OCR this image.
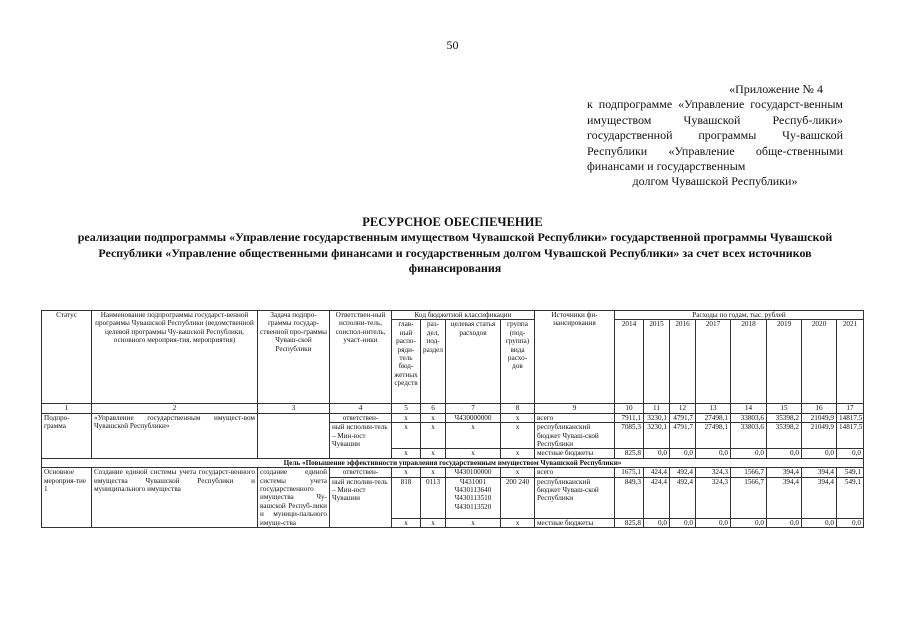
50
«Приложение № 4
к подпрограмме «Управление государст-венным имуществом Чувашской Респуб-лики» государственной программы Чу-вашской Республики «Управление обще-ственными финансами и государственным
долгом Чувашской Республики»
РЕСУРСНОЕ ОБЕСПЕЧЕНИЕ
реализации подпрограммы «Управление государственным имуществом Чувашской Республики» государственной программы Чувашской Республики «Управление общественными финансами и государственным долгом Чувашской Республики» за счет всех источников финансирования
Статус	Наименование подпрограммы государст-венной программы Чувашской Республики (ведомственной целевой программы Чу-вашской Республики, основного мероприя-тия, мероприятия)	Задача подпро-граммы государ-ственной про-граммы Чуваш-ской Республики	Ответствен-ный исполни-тель, соиспол-нитель, участ-ники	Код бюджетной классификации				Источники фи-нансирования	Расходы по годам, тыс. рублей							
				глав-ный распо-ряди-тель бюд-жетных средств	раз-дел, под-раздел	целевая статья расходов	группа (под-группа) вида расхо-дов		2014	2015	2016	2017	2018	2019	2020	2021
1	2	3	4	5	6	7	8	9	10	11	12	13	14	15	16	17
Подпро-грамма	«Управление государственным имущест-вом Чувашской Республики»		ответствен-	x	x	Ч430000000	x	всего	7911,1	3230,1	4791,7	27498,1	33803,6	35398,2	21049,9	14817,5
			ный исполни-тель – Мин-юст Чувашии	x	x	x	x	республиканский бюджет Чуваш-ской Республики	7085,3	3230,1	4791,7	27498,1	33803,6	35398,2	21049,9	14817,5
				x	x	x	x	местные бюджеты	825,8	0,0	0,0	0,0	0,0	0,0	0,0	0,0
Цель «Повышение эффективности управления государственным имуществом Чувашской Республики»																
Основное мероприя-тие 1	Создание единой системы учета государст-венного имущества Чувашской Республики и муниципального имущества	создание единой системы учета государственного имущества Чу-вашской Респуб-лики и муници-пального имуще-ства	ответствен-	x	x	Ч430100000	x	всего	1675,1	424,4	492,4	324,3	1566,7	394,4	394,4	549,1
			ный исполни-тель – Мин-юст Чувашии	818	0113	Ч431001 Ч430113640 Ч430113510 Ч430113520	200 240	республиканский бюджет Чуваш-ской Республики	849,3	424,4	492,4	324,3	1566,7	394,4	394,4	549,1
				x	x	x	x	местные бюджеты	825,8	0,0	0,0	0,0	0,0	0,0	0,0	0,0
